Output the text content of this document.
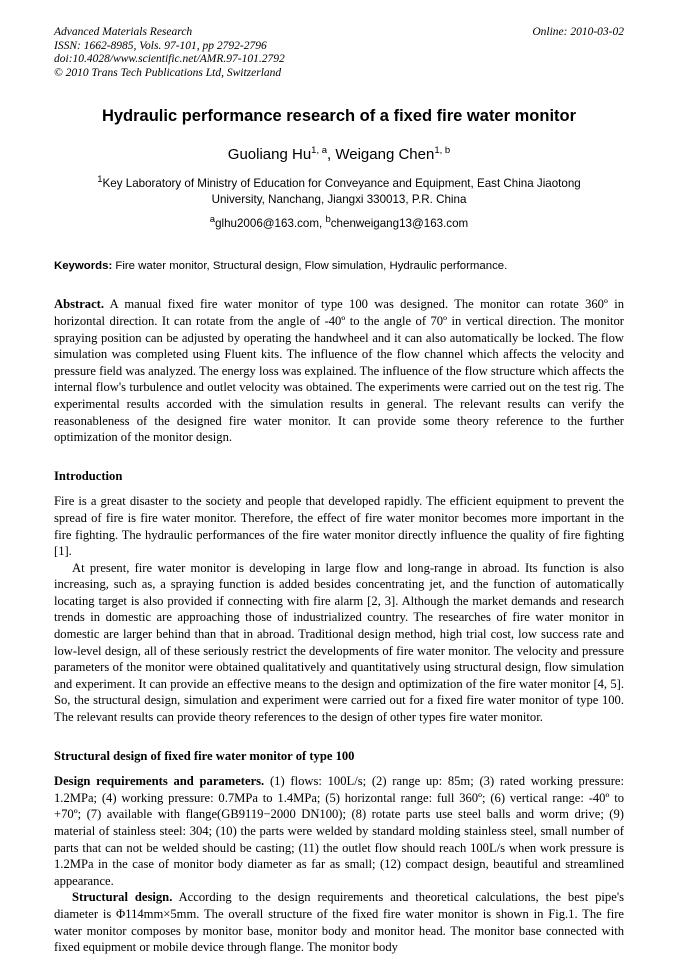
Advanced Materials Research
ISSN: 1662-8985, Vols. 97-101, pp 2792-2796
doi:10.4028/www.scientific.net/AMR.97-101.2792
© 2010 Trans Tech Publications Ltd, Switzerland
Online: 2010-03-02
Hydraulic performance research of a fixed fire water monitor
Guoliang Hu$^{1, a}$, Weigang Chen$^{1, b}$
$^1$Key Laboratory of Ministry of Education for Conveyance and Equipment, East China Jiaotong
University, Nanchang, Jiangxi 330013, P.R. China
$^a$glhu2006@163.com, $^b$chenweigang13@163.com
Keywords: Fire water monitor, Structural design, Flow simulation, Hydraulic performance.
Abstract. A manual fixed fire water monitor of type 100 was designed. The monitor can rotate 360º in horizontal direction. It can rotate from the angle of -40º to the angle of 70º in vertical direction. The monitor spraying position can be adjusted by operating the handwheel and it can also automatically be locked. The flow simulation was completed using Fluent kits. The influence of the flow channel which affects the velocity and pressure field was analyzed. The energy loss was explained. The influence of the flow structure which affects the internal flow's turbulence and outlet velocity was obtained. The experiments were carried out on the test rig. The experimental results accorded with the simulation results in general. The relevant results can verify the reasonableness of the designed fire water monitor. It can provide some theory reference to the further optimization of the monitor design.
Introduction

Fire is a great disaster to the society and people that developed rapidly. The efficient equipment to prevent the spread of fire is fire water monitor. Therefore, the effect of fire water monitor becomes more important in the fire fighting. The hydraulic performances of the fire water monitor directly influence the quality of fire fighting [1].

At present, fire water monitor is developing in large flow and long-range in abroad. Its function is also increasing, such as, a spraying function is added besides concentrating jet, and the function of automatically locating target is also provided if connecting with fire alarm [2, 3]. Although the market demands and research trends in domestic are approaching those of industrialized country. The researches of fire water monitor in domestic are larger behind than that in abroad. Traditional design method, high trial cost, low success rate and low-level design, all of these seriously restrict the developments of fire water monitor. The velocity and pressure parameters of the monitor were obtained qualitatively and quantitatively using structural design, flow simulation and experiment. It can provide an effective means to the design and optimization of the fire water monitor [4, 5]. So, the structural design, simulation and experiment were carried out for a fixed fire water monitor of type 100. The relevant results can provide theory references to the design of other types fire water monitor.

Structural design of fixed fire water monitor of type 100

Design requirements and parameters. (1) flows: 100L/s; (2) range up: 85m; (3) rated working pressure: 1.2MPa; (4) working pressure: 0.7MPa to 1.4MPa; (5) horizontal range: full 360º; (6) vertical range: -40º to +70º; (7) available with flange(GB9119−2000 DN100); (8) rotate parts use steel balls and worm drive; (9) material of stainless steel: 304; (10) the parts were welded by standard molding stainless steel, small number of parts that can not be welded should be casting; (11) the outlet flow should reach 100L/s when work pressure is 1.2MPa in the case of monitor body diameter as far as small; (12) compact design, beautiful and streamlined appearance.

Structural design. According to the design requirements and theoretical calculations, the best pipe's diameter is Φ114mm×5mm. The overall structure of the fixed fire water monitor is shown in Fig.1. The fire water monitor composes by monitor base, monitor body and monitor head. The monitor base connected with fixed equipment or mobile device through flange. The monitor body
